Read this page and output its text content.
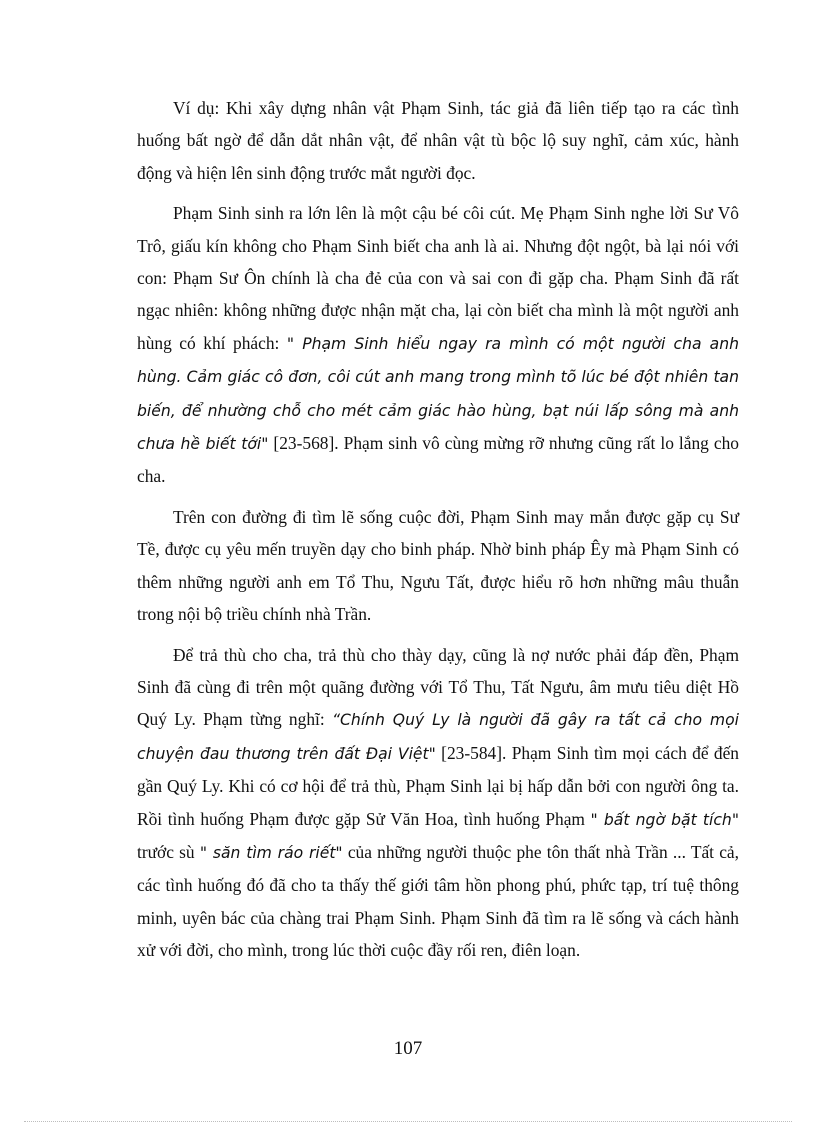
Ví dụ: Khi xây dựng nhân vật Phạm Sinh, tác giả đã liên tiếp tạo ra các tình huống bất ngờ để dẫn dắt nhân vật, để nhân vật tù bộc lộ suy nghĩ, cảm xúc, hành động và hiện lên sinh động trước mắt người đọc.

Phạm Sinh sinh ra lớn lên là một cậu bé côi cút. Mẹ Phạm Sinh nghe lời Sư Vô Trô, giấu kín không cho Phạm Sinh biết cha anh là ai. Nhưng đột ngột, bà lại nói với con: Phạm Sư Ôn chính là cha đẻ của con và sai con đi gặp cha. Phạm Sinh đã rất ngạc nhiên: không những được nhận mặt cha, lại còn biết cha mình là một người anh hùng có khí phách: " Phạm Sinh hiểu ngay ra mình có một người cha anh hùng. Cảm giác cô đơn, côi cút anh mang trong mình tõ lúc bé đột nhiên tan biến, để nhường chỗ cho mét cảm giác hào hùng, bạt núi lấp sông mà anh chưa hề biết tới" [23-568]. Phạm sinh vô cùng mừng rỡ nhưng cũng rất lo lắng cho cha.

Trên con đường đi tìm lẽ sống cuộc đời, Phạm Sinh may mắn được gặp cụ Sư Tề, được cụ yêu mến truyền dạy cho binh pháp. Nhờ binh pháp Êy mà Phạm Sinh có thêm những người anh em Tổ Thu, Ngưu Tất, được hiểu rõ hơn những mâu thuẫn trong nội bộ triều chính nhà Trần.

Để trả thù cho cha, trả thù cho thày dạy, cũng là nợ nước phải đáp đền, Phạm Sinh đã cùng đi trên một quãng đường với Tổ Thu, Tất Ngưu, âm mưu tiêu diệt Hồ Quý Ly. Phạm từng nghĩ: “Chính Quý Ly là người đã gây ra tất cả cho mọi chuyện đau thương trên đất Đại Việt" [23-584]. Phạm Sinh tìm mọi cách để đến gần Quý Ly. Khi có cơ hội để trả thù, Phạm Sinh lại bị hấp dẫn bởi con người ông ta. Rồi tình huống Phạm được gặp Sử Văn Hoa, tình huống Phạm " bất ngờ bặt tích" trước sù " săn tìm ráo riết" của những người thuộc phe tôn thất nhà Trần ... Tất cả, các tình huống đó đã cho ta thấy thế giới tâm hồn phong phú, phức tạp, trí tuệ thông minh, uyên bác của chàng trai Phạm Sinh. Phạm Sinh đã tìm ra lẽ sống và cách hành xử với đời, cho mình, trong lúc thời cuộc đầy rối ren, điên loạn.

107
